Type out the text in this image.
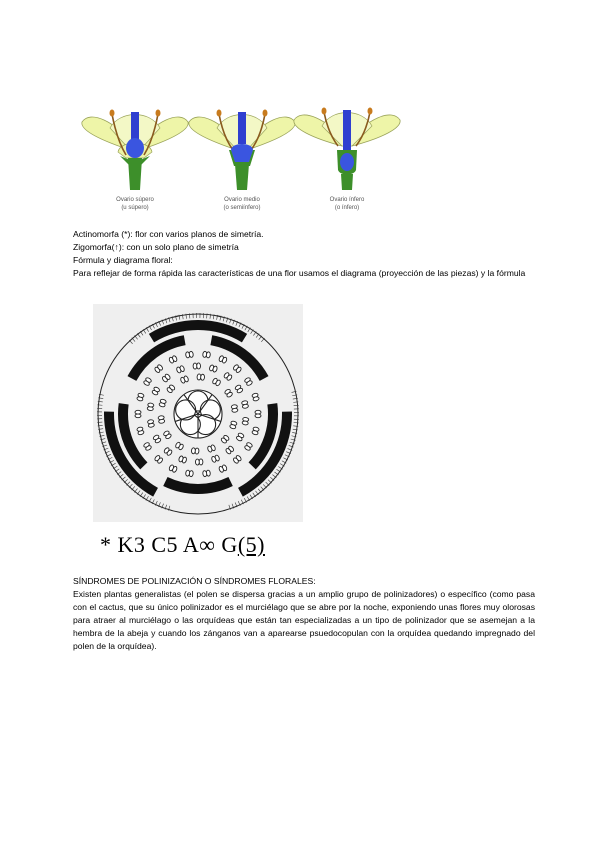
Ovario súpero
(u súpero)
Ovario medio
(o semiínfero)
Ovario ínfero
(o ínfero)
Actinomorfa (*): flor con varios planos de simetría.
Zigomorfa(↑): con un solo plano de simetría
Fórmula y diagrama floral:
Para reflejar de forma rápida las características de una flor usamos el diagrama (proyección de las piezas) y la fórmula
* K3 C5 A∞ G(5)
SÍNDROMES DE POLINIZACIÓN O SÍNDROMES FLORALES:
Existen plantas generalistas (el polen se dispersa gracias a un amplio grupo de polinizadores) o específico (como pasa con el cactus, que su único polinizador es el murciélago que se abre por la noche, exponiendo unas flores muy olorosas para atraer al murciélago o las orquídeas que están tan especializadas a un tipo de polinizador que se asemejan a la hembra de la abeja y cuando los zánganos van a aparearse psuedocopulan con la orquídea quedando impregnado del polen de la orquídea).
